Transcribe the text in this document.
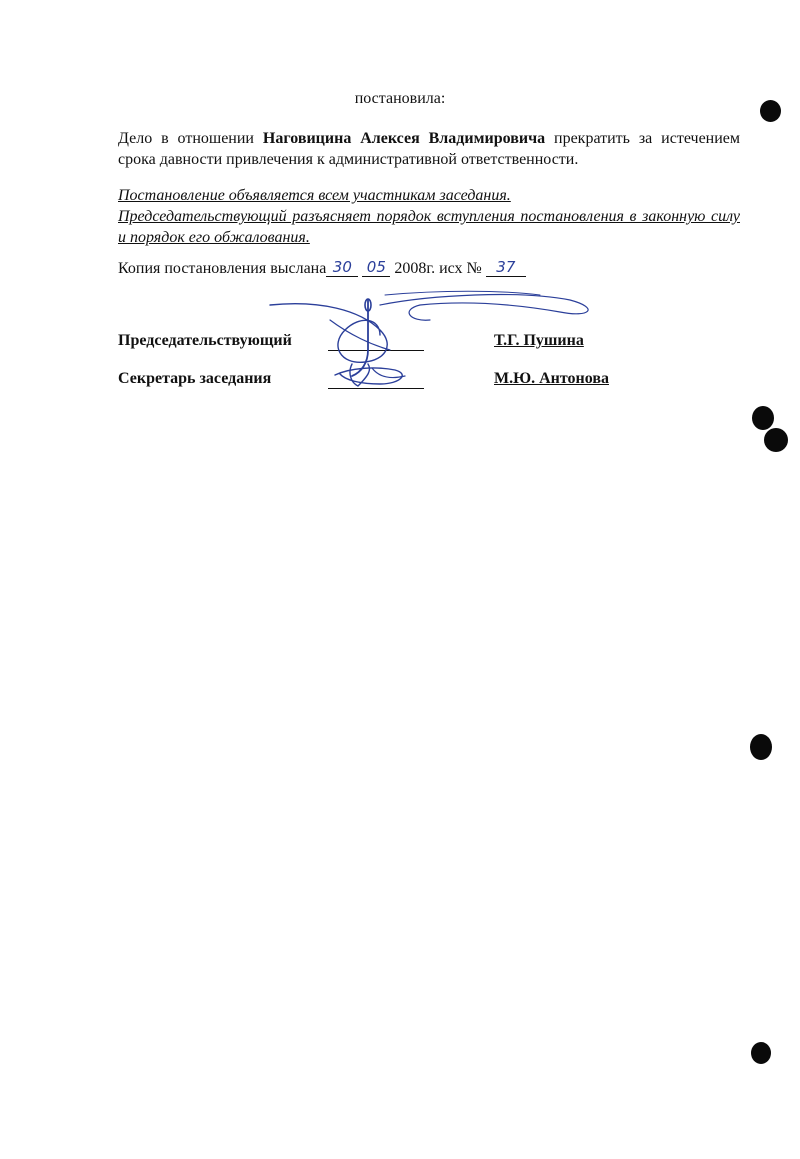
постановила:
Дело в отношении Наговицина Алексея Владимировича прекратить за истечением
срока давности привлечения к административной ответственности.
Постановление объявляется всем участникам заседания.
Председательствующий разъясняет порядок вступления постановления в законную силу
и порядок его обжалования.
Копия постановления выслана 30 05 2008г. исх № 37
Председательствующий	Т.Г. Пушина
Секретарь заседания	М.Ю. Антонова
